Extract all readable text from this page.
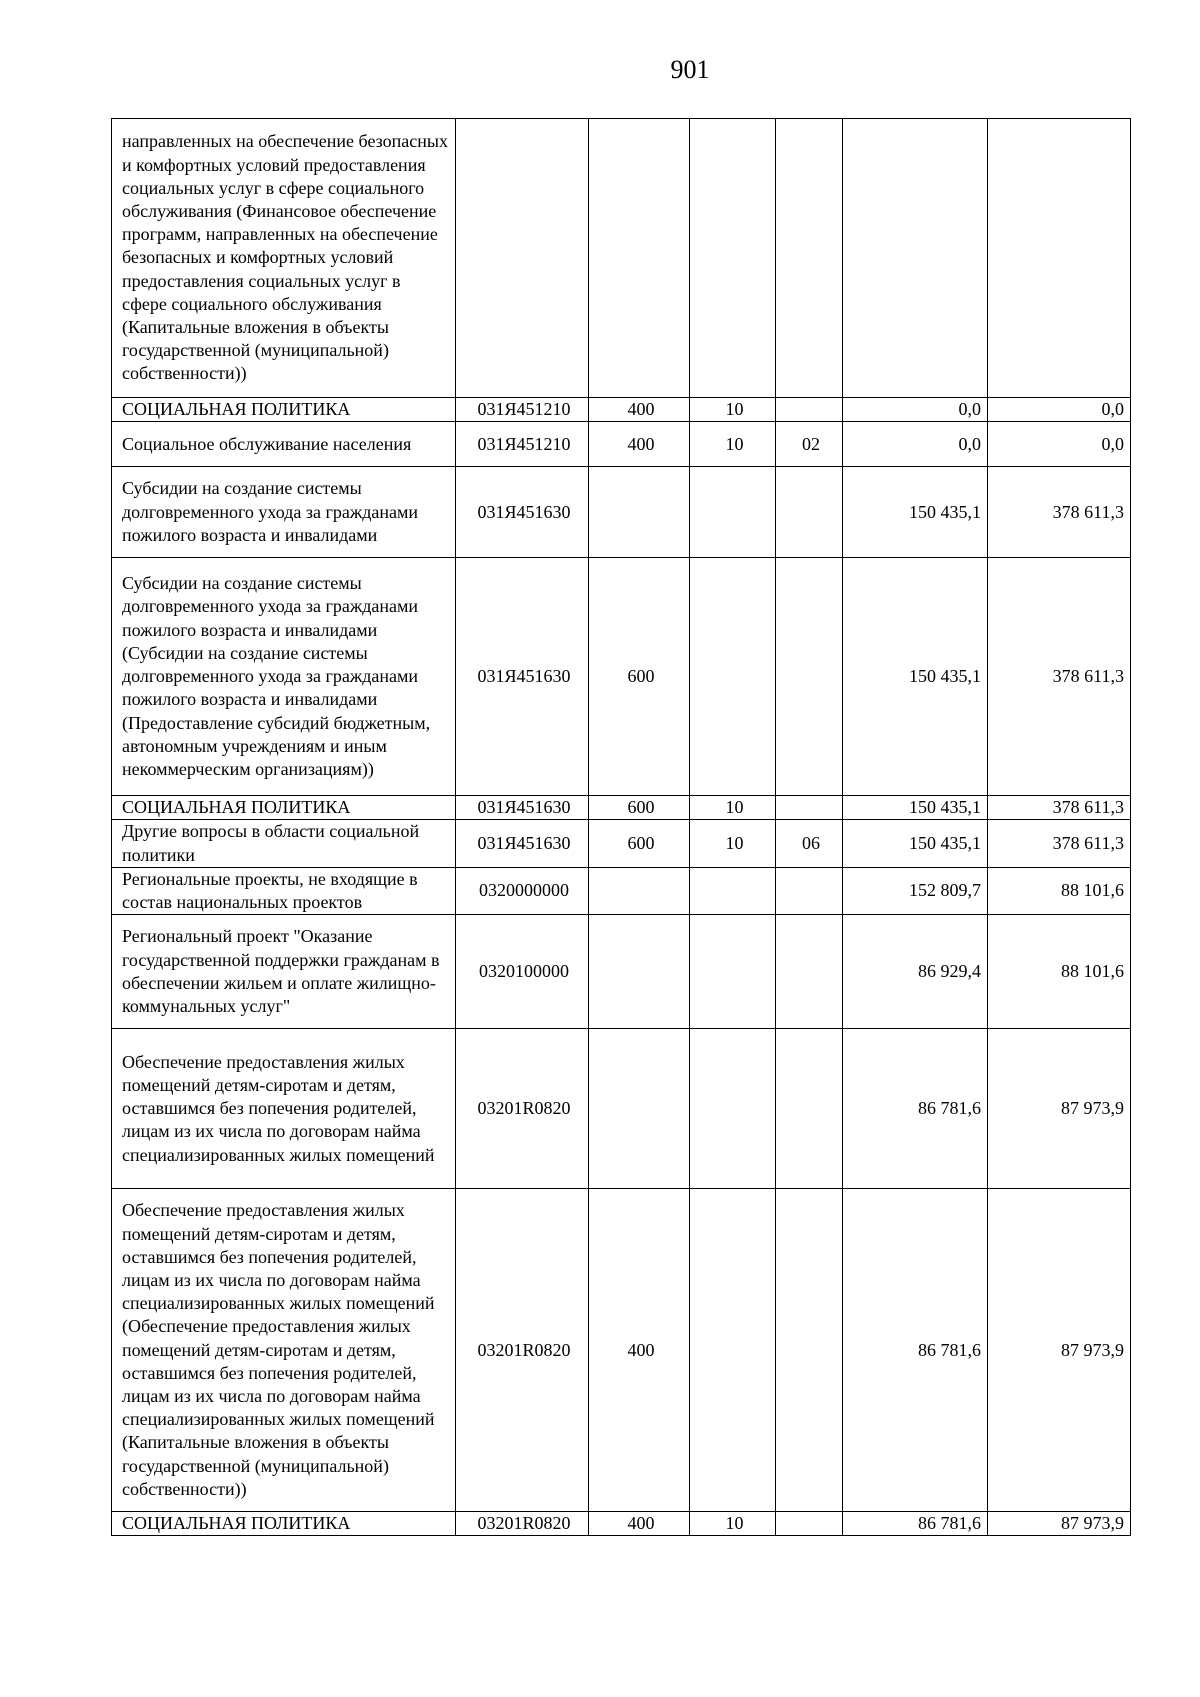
901
направленных на обеспечение безопасных и комфортных условий предоставления социальных услуг в сфере социального обслуживания (Финансовое обеспечение программ, направленных на обеспечение безопасных и комфортных условий предоставления социальных услуг в сфере социального обслуживания (Капитальные вложения в объекты государственной (муниципальной) собственности))						
СОЦИАЛЬНАЯ ПОЛИТИКА	031Я451210	400	10		0,0	0,0
Социальное обслуживание населения	031Я451210	400	10	02	0,0	0,0
Субсидии на создание системы долговременного ухода за гражданами пожилого возраста и инвалидами	031Я451630				150 435,1	378 611,3
Субсидии на создание системы долговременного ухода за гражданами пожилого возраста и инвалидами (Субсидии на создание системы долговременного ухода за гражданами пожилого возраста и инвалидами (Предоставление субсидий бюджетным, автономным учреждениям и иным некоммерческим организациям))	031Я451630	600			150 435,1	378 611,3
СОЦИАЛЬНАЯ ПОЛИТИКА	031Я451630	600	10		150 435,1	378 611,3
Другие вопросы в области социальной политики	031Я451630	600	10	06	150 435,1	378 611,3
Региональные проекты, не входящие в состав национальных проектов	0320000000				152 809,7	88 101,6
Региональный проект "Оказание государственной поддержки гражданам в обеспечении жильем и оплате жилищно-коммунальных услуг"	0320100000				86 929,4	88 101,6
Обеспечение предоставления жилых помещений детям-сиротам и детям, оставшимся без попечения родителей, лицам из их числа по договорам найма специализированных жилых помещений	03201R0820				86 781,6	87 973,9
Обеспечение предоставления жилых помещений детям-сиротам и детям, оставшимся без попечения родителей, лицам из их числа по договорам найма специализированных жилых помещений (Обеспечение предоставления жилых помещений детям-сиротам и детям, оставшимся без попечения родителей, лицам из их числа по договорам найма специализированных жилых помещений (Капитальные вложения в объекты государственной (муниципальной) собственности))	03201R0820	400			86 781,6	87 973,9
СОЦИАЛЬНАЯ ПОЛИТИКА	03201R0820	400	10		86 781,6	87 973,9
